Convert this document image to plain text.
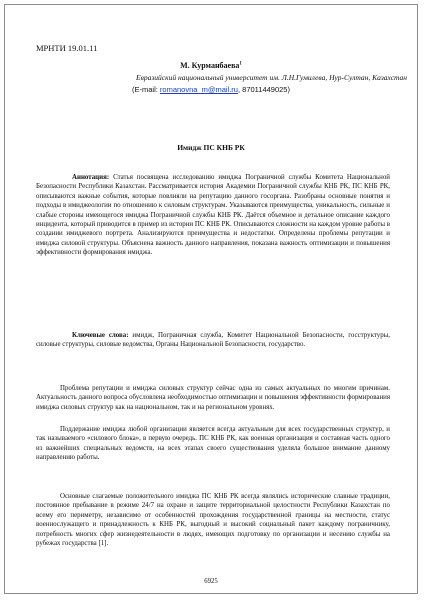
МРНТИ 19.01.11
М. Курманбаева$^1$
Евразийский национальный университет им. Л.Н.Гумилева, Нур-Султан, Казахстан
(E-mail: romanovna_m@mail.ru, 87011449025)
Имидж ПС КНБ РК

Аннотация: Статья посвящена исследованию имиджа Пограничной службы Комитета Национальной Безопасности Республики Казахстан. Рассматривается история Академии Пограничной службы КНБ РК, ПС КНБ РК, описываются важные события, которые повлияли на репутацию данного госоргана. Разобраны основные понятия и подходы в имиджеологии по отношению к силовым структурам. Указываются преимущества, уникальность, сильные и слабые стороны имеющегося имиджа Пограничной службы КНБ РК. Даётся объемное и детальное описание каждого инцидента, который приводится в пример из истории ПС КНБ РК. Описываются сложности на каждом уровне работы в создании имиджевого портрета. Анализируются преимущества и недостатки. Определены проблемы репутации и имиджа силовой структуры. Объяснена важность данного направления, показана важность оптимизации и повышения эффективности формирования имиджа.

Ключевые слова: имидж, Пограничная служба, Комитет Национальной Безопасности, госструктуры, силовые структуры, силовые ведомства, Органы Национальной Безопасности, государство.

Проблема репутации и имиджа силовых структур сейчас одна из самых актуальных по многим причинам. Актуальность данного вопроса обусловлена необходимостью оптимизации и повышения эффективности формирования имиджа силовых структур как на национальном, так и на региональном уровнях.

Поддержание имиджа любой организации является всегда актуальным для всех государственных структур, и так называемого «силового блока», в первую очередь. ПС КНБ РК, как военная организация и составная часть одного из важнейших специальных ведомств, на всех этапах своего существования уделяла большое внимание данному направлению работы.

Основные слагаемые положительного имиджа ПС КНБ РК всегда являлись исторические славные традиции, постоянное пребывание в режиме 24/7 на охране и защите территориальной целостности Республики Казахстан по всему его периметру, независимо от особенностей прохождения государственной границы на местности, статус военнослужащего и принадлежность к КНБ РК, выгодный и высокий социальный пакет каждому пограничнику, потребность многих сфер жизнедеятельности в людях, имеющих подготовку по организации и несению службы на рубежах государства [1].

6925
